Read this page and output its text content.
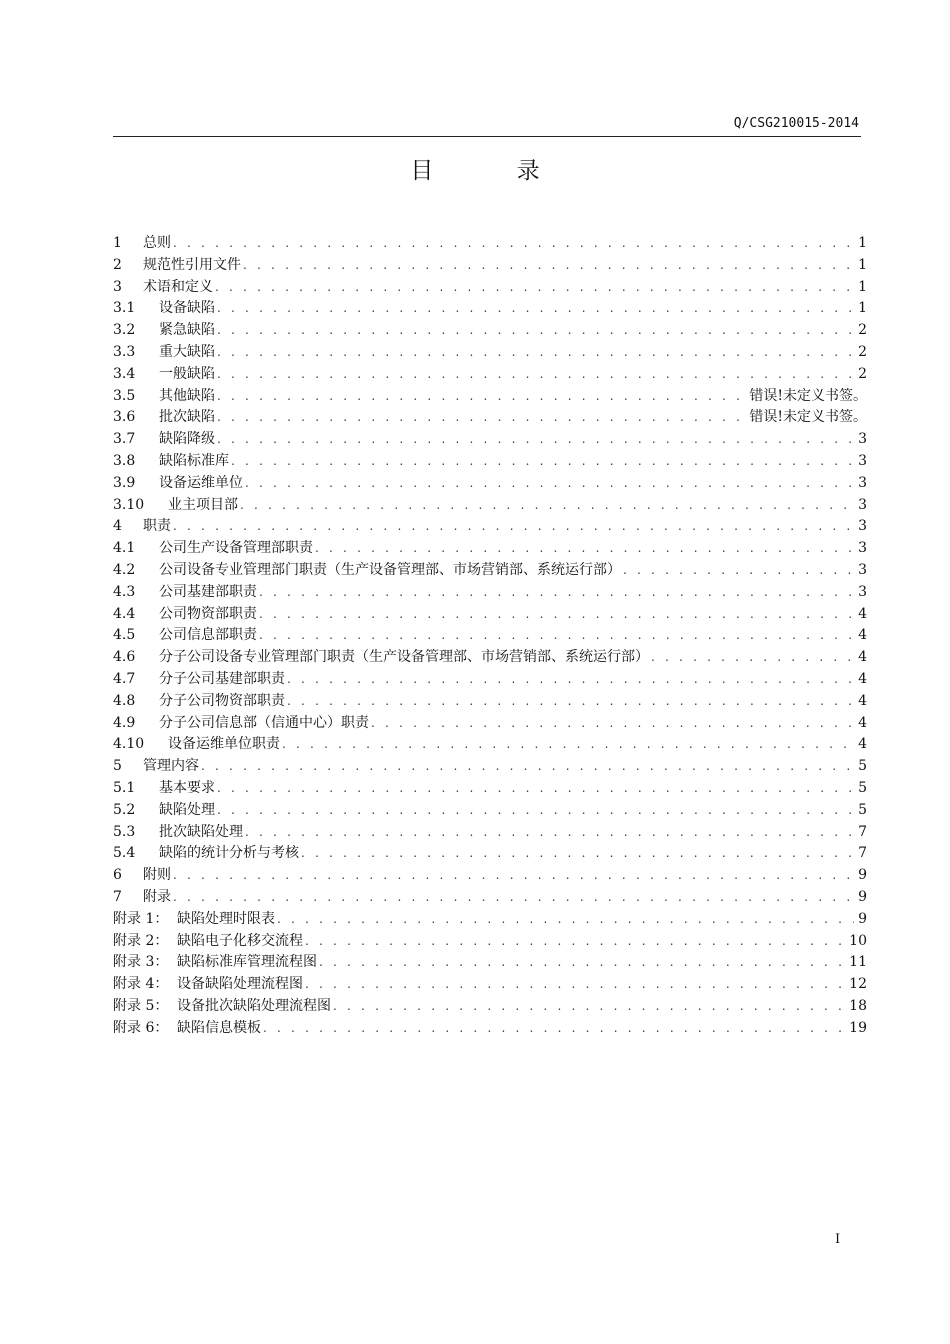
Q/CSG210015-2014
目 录
1	总则 . . .	1
2	规范性引用文件 . . .	1
3	术语和定义 . . .	1
3.1	设备缺陷 . . .	1
3.2	紧急缺陷 . . .	2
3.3	重大缺陷 . . .	2
3.4	一般缺陷 . . .	2
3.5	其他缺陷 . . .	错误!未定义书签。
3.6	批次缺陷 . . .	错误!未定义书签。
3.7	缺陷降级 . . .	3
3.8	缺陷标准库 . . .	3
3.9	设备运维单位 . . .	3
3.10	业主项目部 . . .	3
4	职责 . . .	3
4.1	公司生产设备管理部职责 . . .	3
4.2	公司设备专业管理部门职责（生产设备管理部、市场营销部、系统运行部） . . .	3
4.3	公司基建部职责 . . .	3
4.4	公司物资部职责 . . .	4
4.5	公司信息部职责 . . .	4
4.6	分子公司设备专业管理部门职责（生产设备管理部、市场营销部、系统运行部） . . .	4
4.7	分子公司基建部职责 . . .	4
4.8	分子公司物资部职责 . . .	4
4.9	分子公司信息部（信通中心）职责 . . .	4
4.10	设备运维单位职责 . . .	4
5	管理内容 . . .	5
5.1	基本要求 . . .	5
5.2	缺陷处理 . . .	5
5.3	批次缺陷处理 . . .	7
5.4	缺陷的统计分析与考核 . . .	7
6	附则 . . .	9
7	附录 . . .	9
附录 1： 缺陷处理时限表 . . .	9
附录 2： 缺陷电子化移交流程 . . .	10
附录 3： 缺陷标准库管理流程图 . . .	11
附录 4： 设备缺陷处理流程图 . . .	12
附录 5： 设备批次缺陷处理流程图 . . .	18
附录 6： 缺陷信息模板 . . .	19
I
